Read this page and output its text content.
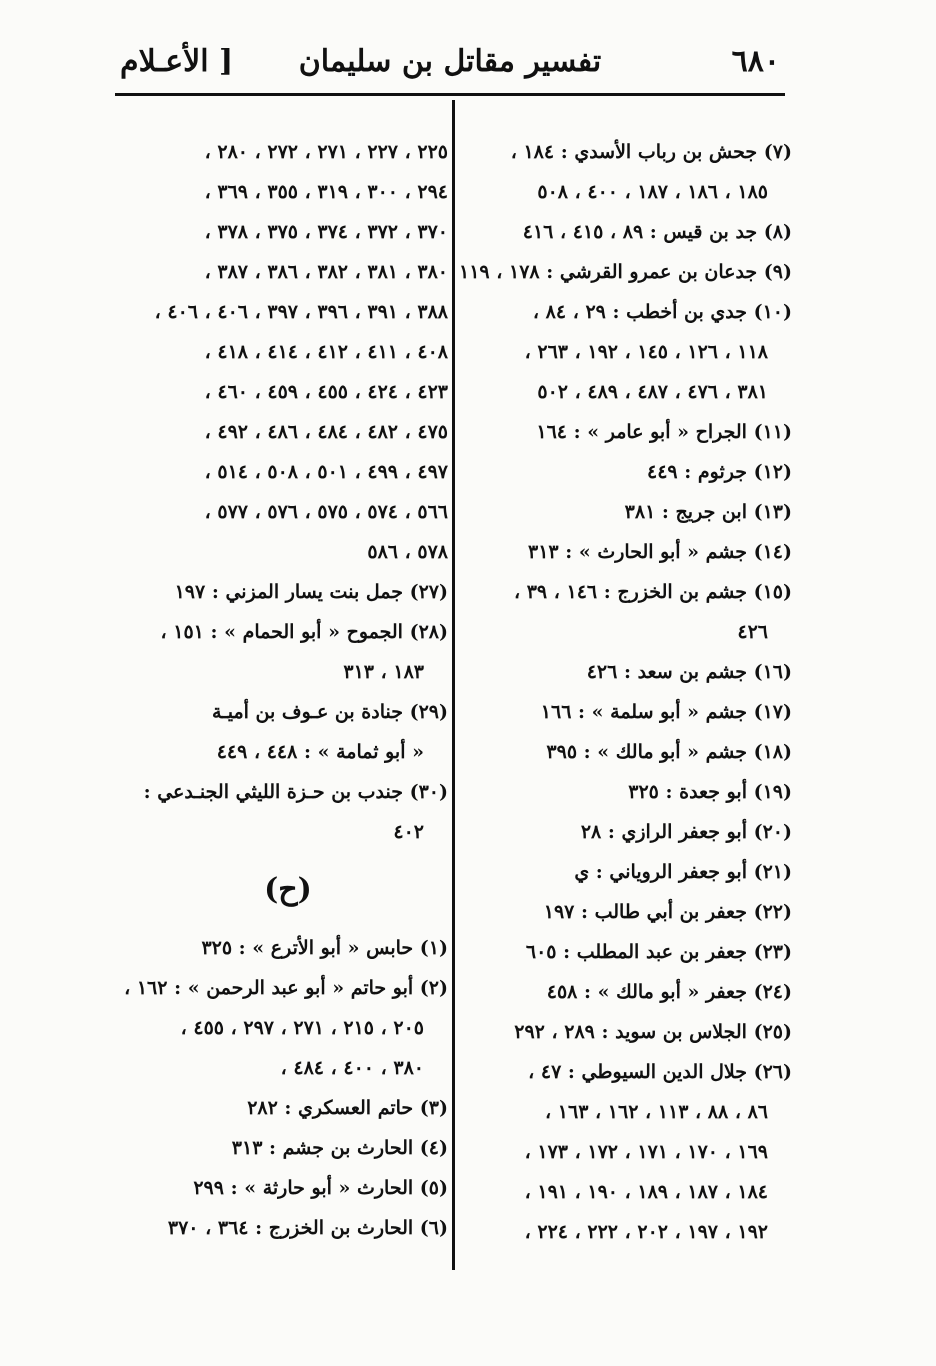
[ الأعـلام	تفسير مقاتل بن سليمان	٦٨٠
(٧) جحش بن رباب الأسدي : ١٨٤ ،
١٨٥ ، ١٨٦ ، ١٨٧ ، ٤٠٠ ، ٥٠٨
(٨) جد بن قيس : ٨٩ ، ٤١٥ ، ٤١٦
(٩) جدعان بن عمرو القرشي : ١٧٨ ، ١١٩
(١٠) جدي بن أخطب : ٢٩ ، ٨٤ ،
١١٨ ، ١٢٦ ، ١٤٥ ، ١٩٢ ، ٢٦٣ ،
٣٨١ ، ٤٧٦ ، ٤٨٧ ، ٤٨٩ ، ٥٠٢
(١١) الجراح « أبو عامر » : ١٦٤
(١٢) جرثوم : ٤٤٩
(١٣) ابن جريج : ٣٨١
(١٤) جشم « أبو الحارث » : ٣١٣
(١٥) جشم بن الخزرج : ١٤٦ ، ٣٩ ،
٤٢٦
(١٦) جشم بن سعد : ٤٢٦
(١٧) جشم « أبو سلمة » : ١٦٦
(١٨) جشم « أبو مالك » : ٣٩٥
(١٩) أبو جعدة : ٣٢٥
(٢٠) أبو جعفر الرازي : ٢٨
(٢١) أبو جعفر الروياني : ي
(٢٢) جعفر بن أبي طالب : ١٩٧
(٢٣) جعفر بن عبد المطلب : ٦٠٥
(٢٤) جعفر « أبو مالك » : ٤٥٨
(٢٥) الجلاس بن سويد : ٢٨٩ ، ٢٩٢
(٢٦) جلال الدين السيوطي : ٤٧ ،
٨٦ ، ٨٨ ، ١١٣ ، ١٦٢ ، ١٦٣ ،
١٦٩ ، ١٧٠ ، ١٧١ ، ١٧٢ ، ١٧٣ ،
١٨٤ ، ١٨٧ ، ١٨٩ ، ١٩٠ ، ١٩١ ،
١٩٢ ، ١٩٧ ، ٢٠٢ ، ٢٢٢ ، ٢٢٤ ،
٢٢٥ ، ٢٢٧ ، ٢٧١ ، ٢٧٢ ، ٢٨٠ ،
٢٩٤ ، ٣٠٠ ، ٣١٩ ، ٣٥٥ ، ٣٦٩ ،
٣٧٠ ، ٣٧٢ ، ٣٧٤ ، ٣٧٥ ، ٣٧٨ ،
٣٨٠ ، ٣٨١ ، ٣٨٢ ، ٣٨٦ ، ٣٨٧ ،
٣٨٨ ، ٣٩١ ، ٣٩٦ ، ٣٩٧ ، ٤٠٦ ، ٤٠٦ ،
٤٠٨ ، ٤١١ ، ٤١٢ ، ٤١٤ ، ٤١٨ ،
٤٢٣ ، ٤٢٤ ، ٤٥٥ ، ٤٥٩ ، ٤٦٠ ،
٤٧٥ ، ٤٨٢ ، ٤٨٤ ، ٤٨٦ ، ٤٩٢ ،
٤٩٧ ، ٤٩٩ ، ٥٠١ ، ٥٠٨ ، ٥١٤ ،
٥٦٦ ، ٥٧٤ ، ٥٧٥ ، ٥٧٦ ، ٥٧٧ ،
٥٧٨ ، ٥٨٦
(٢٧) جمل بنت يسار المزني : ١٩٧
(٢٨) الجموح « أبو الحمام » : ١٥١ ،
١٨٣ ، ٣١٣
(٢٩) جنادة بن عـوف بن أميـة
« أبو ثمامة » : ٤٤٨ ، ٤٤٩
(٣٠) جندب بن حـزة الليثي الجنـدعي :
٤٠٢
(ح)
(١) حابس « أبو الأترع » : ٣٢٥
(٢) أبو حاتم « أبو عبد الرحمن » : ١٦٢ ،
٢٠٥ ، ٢١٥ ، ٢٧١ ، ٢٩٧ ، ٤٥٥ ،
٣٨٠ ، ٤٠٠ ، ٤٨٤ ،
(٣) حاتم العسكري : ٢٨٢
(٤) الحارث بن جشم : ٣١٣
(٥) الحارث « أبو حارثة » : ٢٩٩
(٦) الحارث بن الخزرج : ٣٦٤ ، ٣٧٠
